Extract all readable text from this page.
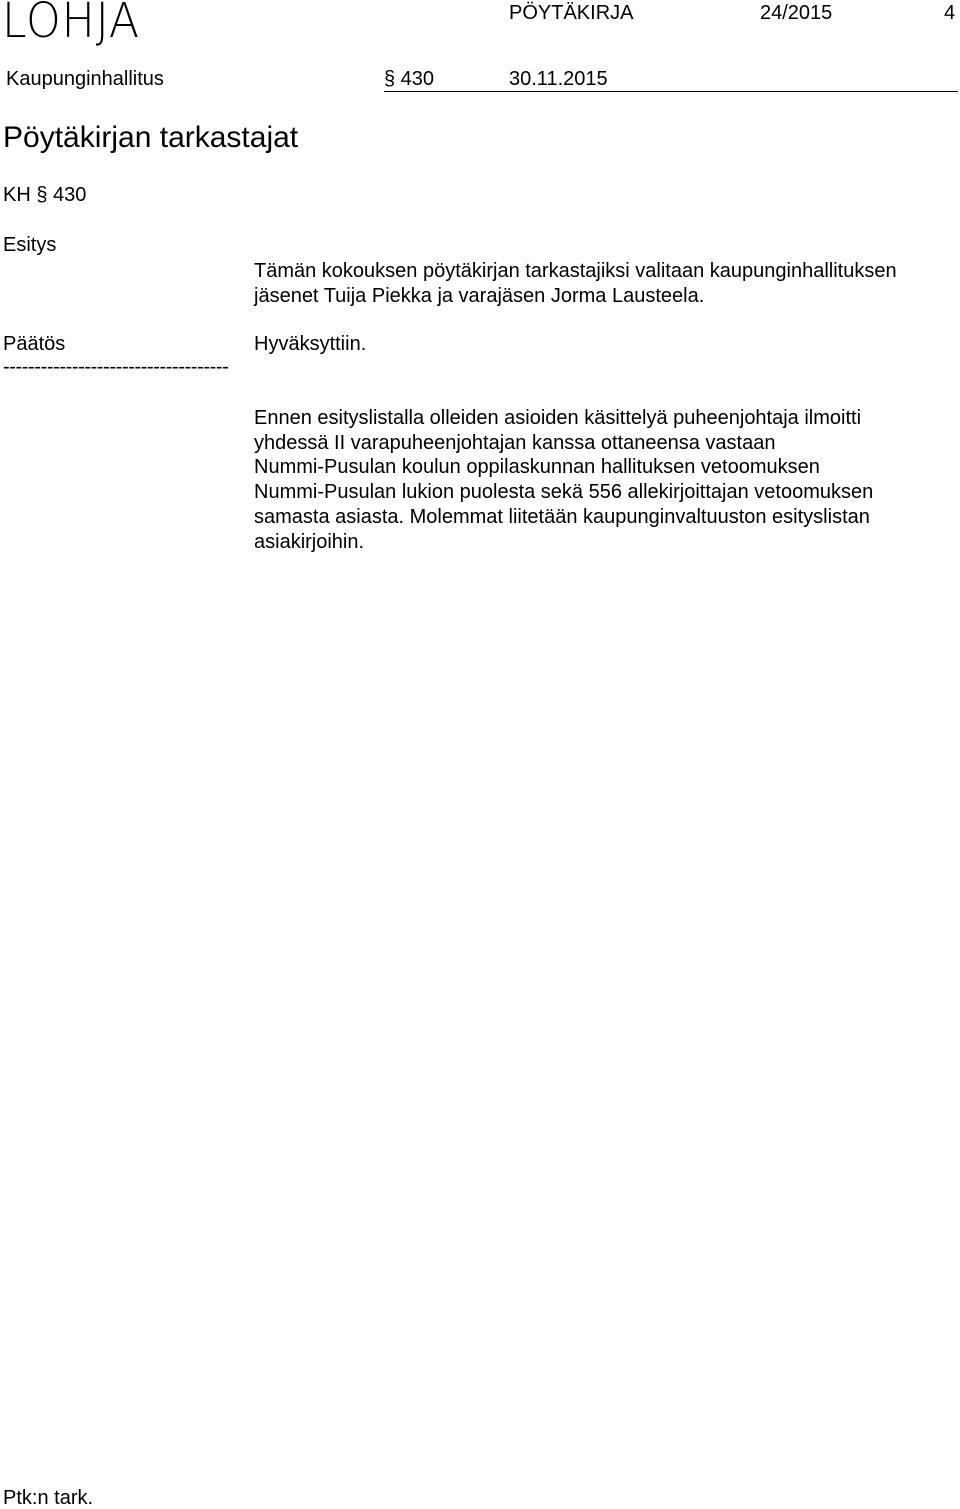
LOHJA	PÖYTÄKIRJA	24/2015	4
Kaupunginhallitus	§ 430	30.11.2015
Pöytäkirjan tarkastajat
KH § 430
Esitys
Tämän kokouksen pöytäkirjan tarkastajiksi valitaan kaupunginhallituksen
jäsenet Tuija Piekka ja varajäsen Jorma Lausteela.
Päätös	Hyväksyttiin.
------------------------------------
Ennen esityslistalla olleiden asioiden käsittelyä puheenjohtaja ilmoitti
yhdessä II varapuheenjohtajan kanssa ottaneensa vastaan
Nummi-Pusulan koulun oppilaskunnan hallituksen vetoomuksen
Nummi-Pusulan lukion puolesta sekä 556 allekirjoittajan vetoomuksen
samasta asiasta. Molemmat liitetään kaupunginvaltuuston esityslistan
asiakirjoihin.
Ptk:n tark.
